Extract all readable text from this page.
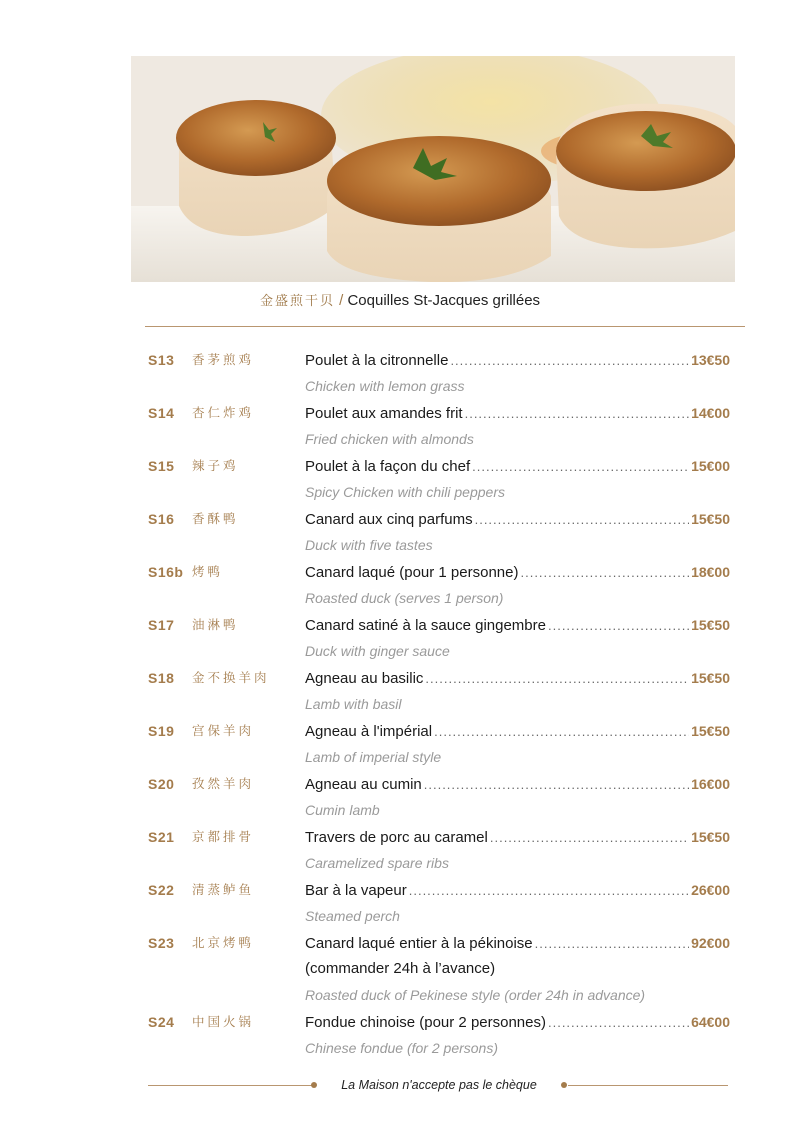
金盛煎干贝 / Coquilles St-Jacques grillées
S13 香茅煎鸡	Poulet à la citronnelle .....	13€50
Chicken with lemon grass
S14 杏仁炸鸡	Poulet aux amandes frit .....	14€00
Fried chicken with almonds
S15 辣子鸡	Poulet à la façon du chef .....	15€00
Spicy Chicken with chili peppers
S16 香酥鸭	Canard aux cinq parfums .....	15€50
Duck with five tastes
S16b 烤鸭	Canard laqué (pour 1 personne) .....	18€00
Roasted duck (serves 1 person)
S17 油淋鸭	Canard satiné à la sauce gingembre .....	15€50
Duck with ginger sauce
S18 金不换羊肉 Agneau au basilic .....	15€50
Lamb with basil
S19 宫保羊肉	Agneau à l'impérial .....	15€50
Lamb of imperial style
S20 孜然羊肉	Agneau au cumin .....	16€00
Cumin lamb
S21 京都排骨	Travers de porc au caramel .....	15€50
Caramelized spare ribs
S22 清蒸鲈鱼	Bar à la vapeur .....	26€00
Steamed perch
S23 北京烤鸭	Canard laqué entier à la pékinoise .....	92€00
(commander 24h à l’avance)
Roasted duck of Pekinese style (order 24h in advance)
S24 中国火锅	Fondue chinoise (pour 2 personnes) .....	64€00
Chinese fondue (for 2 persons)
La Maison n'accepte pas le chèque
